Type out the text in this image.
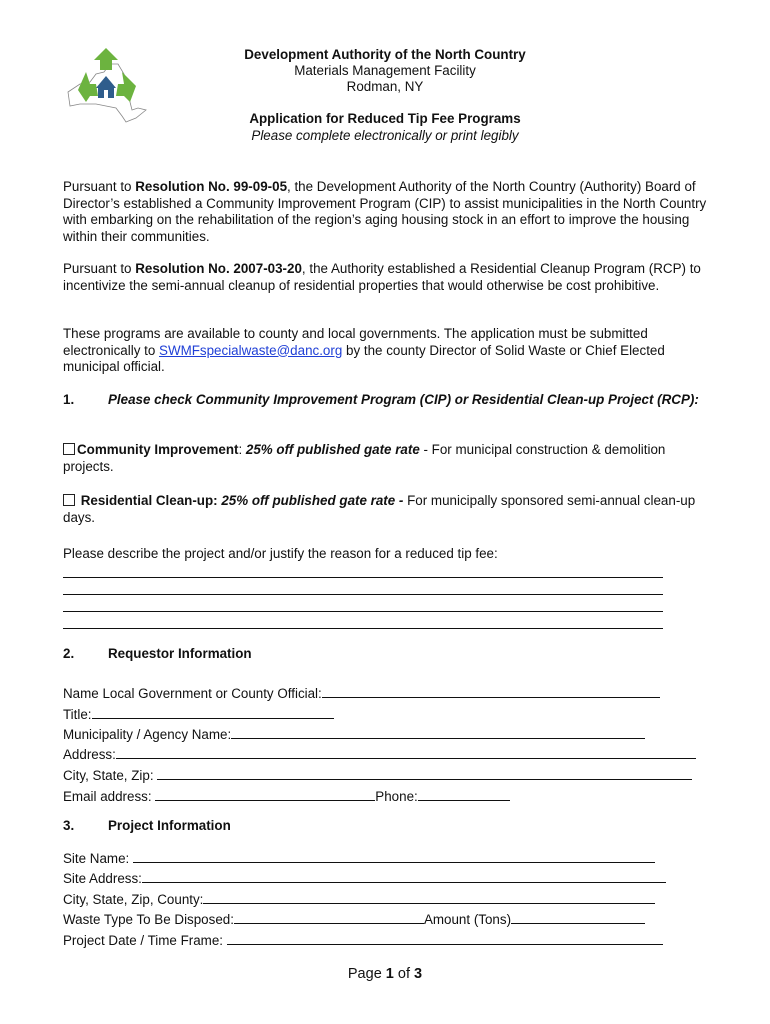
Development Authority of the North Country
Materials Management Facility
Rodman, NY
Application for Reduced Tip Fee Programs
Please complete electronically or print legibly
Pursuant to Resolution No. 99-09-05, the Development Authority of the North Country (Authority) Board of Director’s established a Community Improvement Program (CIP) to assist municipalities in the North Country with embarking on the rehabilitation of the region’s aging housing stock in an effort to improve the housing within their communities.
Pursuant to Resolution No. 2007-03-20, the Authority established a Residential Cleanup Program (RCP) to incentivize the semi-annual cleanup of residential properties that would otherwise be cost prohibitive.
These programs are available to county and local governments. The application must be submitted electronically to SWMFspecialwaste@danc.org by the county Director of Solid Waste or Chief Elected municipal official.
1.	Please check Community Improvement Program (CIP) or Residential Clean-up Project (RCP):
Community Improvement: 25% off published gate rate - For municipal construction & demolition projects.
Residential Clean-up: 25% off published gate rate - For municipally sponsored semi-annual clean-up days.
Please describe the project and/or justify the reason for a reduced tip fee:
2.	Requestor Information
Name Local Government or County Official:
Title:
Municipality / Agency Name:
Address:
City, State, Zip:
Email address:	Phone:
3.	Project Information
Site Name:
Site Address:
City, State, Zip, County:
Waste Type To Be Disposed:	Amount (Tons)
Project Date / Time Frame:
Page 1 of 3
